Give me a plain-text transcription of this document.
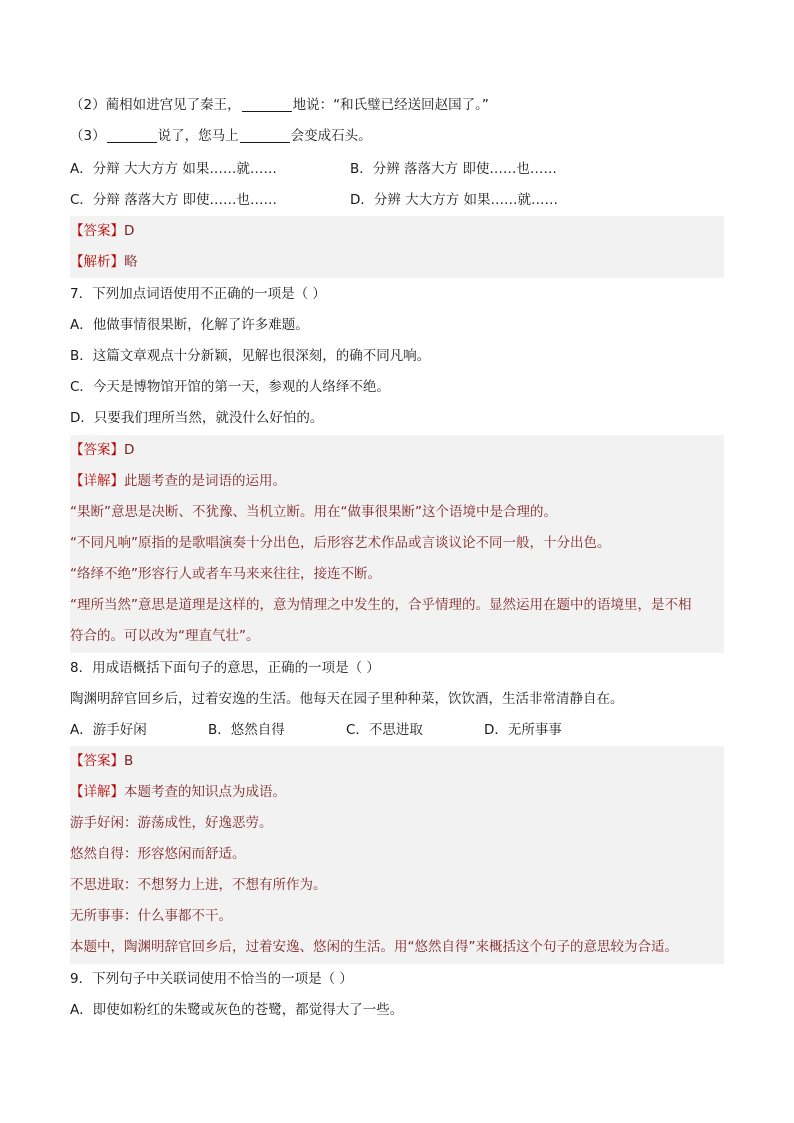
（2）蔺相如进宫见了秦王，	地说：“和氏璧已经送回赵国了。”
（3）	说了，您马上	会变成石头。
A．分辩 大大方方 如果……就……	B．分辨 落落大方 即使……也……
C．分辩 落落大方 即使……也……	D．分辨 大大方方 如果……就……
【答案】D
【解析】略
7．下列加点词语使用不正确的一项是（ ）
A．他做事情很果断，化解了许多难题。
B．这篇文章观点十分新颖，见解也很深刻，的确不同凡响。
C．今天是博物馆开馆的第一天，参观的人络绎不绝。
D．只要我们理所当然，就没什么好怕的。
【答案】D
【详解】此题考查的是词语的运用。
“果断”意思是决断、不犹豫、当机立断。用在“做事很果断”这个语境中是合理的。
“不同凡响”原指的是歌唱演奏十分出色，后形容艺术作品或言谈议论不同一般，十分出色。
“络绎不绝”形容行人或者车马来来往往，接连不断。
“理所当然”意思是道理是这样的，意为情理之中发生的，合乎情理的。显然运用在题中的语境里，是不相
符合的。可以改为“理直气壮”。
8．用成语概括下面句子的意思，正确的一项是（ ）
陶渊明辞官回乡后，过着安逸的生活。他每天在园子里种种菜，饮饮酒，生活非常清静自在。
A．游手好闲	B．悠然自得	C．不思进取	D．无所事事
【答案】B
【详解】本题考查的知识点为成语。
游手好闲：游荡成性，好逸恶劳。
悠然自得：形容悠闲而舒适。
不思进取：不想努力上进，不想有所作为。
无所事事：什么事都不干。
本题中，陶渊明辞官回乡后，过着安逸、悠闲的生活。用“悠然自得”来概括这个句子的意思较为合适。
9．下列句子中关联词使用不恰当的一项是（ ）
A．即使如粉红的朱鹭或灰色的苍鹭，都觉得大了一些。
